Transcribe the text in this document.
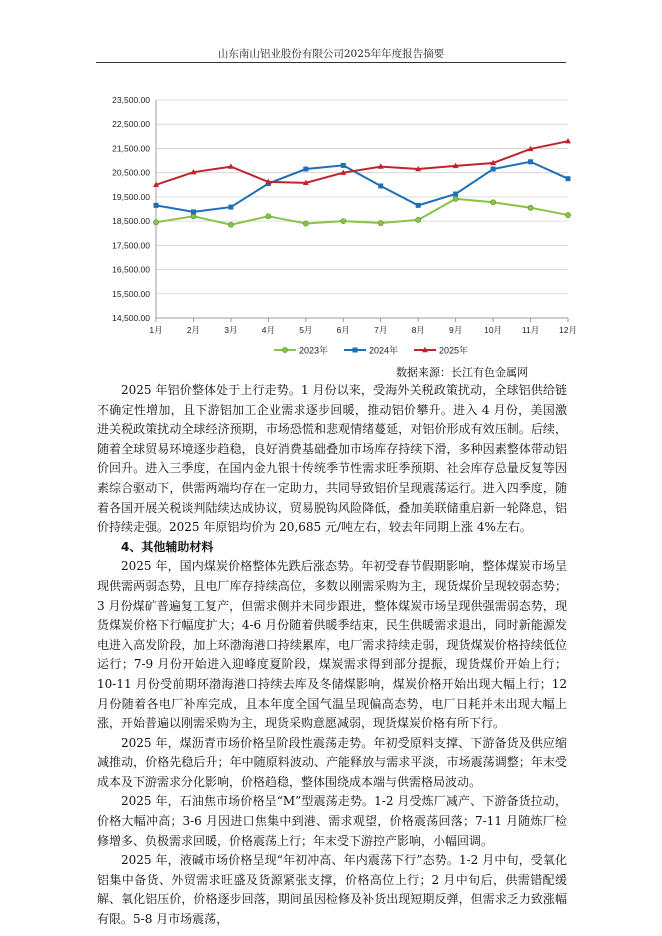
山东南山铝业股份有限公司2025年年度报告摘要
14,500.00
15,500.00
16,500.00
17,500.00
18,500.00
19,500.00
20,500.00
21,500.00
22,500.00
23,500.00
1月	2月	3月	4月	5月	6月	7月	8月	9月	10月 11月 12月
2023年	2024年	2025年
数据来源：长江有色金属网

2025 年铝价整体处于上行走势。1 月份以来，受海外关税政策扰动，全球铝供给链不确定性增加，且下游铝加工企业需求逐步回暖，推动铝价攀升。进入 4 月份，美国激进关税政策扰动全球经济预期，市场恐慌和悲观情绪蔓延，对铝价形成有效压制。后续，随着全球贸易环境逐步趋稳，良好消费基础叠加市场库存持续下滑，多种因素整体带动铝价回升。进入三季度，在国内金九银十传统季节性需求旺季预期、社会库存总量反复等因素综合驱动下，供需两端均存在一定助力，共同导致铝价呈现震荡运行。进入四季度，随着各国开展关税谈判陆续达成协议，贸易脱钩风险降低，叠加美联储重启新一轮降息，铝价持续走强。2025 年原铝均价为 20,685 元/吨左右，较去年同期上涨 4%左右。

4、其他辅助材料

2025 年，国内煤炭价格整体先跌后涨态势。年初受春节假期影响，整体煤炭市场呈现供需两弱态势，且电厂库存持续高位，多数以刚需采购为主，现货煤价呈现较弱态势；3 月份煤矿普遍复工复产，但需求侧并未同步跟进，整体煤炭市场呈现供强需弱态势，现货煤炭价格下行幅度扩大；4-6 月份随着供暖季结束，民生供暖需求退出，同时新能源发电进入高发阶段，加上环渤海港口持续累库，电厂需求持续走弱，现货煤炭价格持续低位运行；7-9 月份开始进入迎峰度夏阶段，煤炭需求得到部分提振，现货煤价开始上行；10-11 月份受前期环渤海港口持续去库及冬储煤影响，煤炭价格开始出现大幅上行；12 月份随着各电厂补库完成，且本年度全国气温呈现偏高态势，电厂日耗并未出现大幅上涨，开始普遍以刚需采购为主，现货采购意愿减弱，现货煤炭价格有所下行。

2025 年，煤沥青市场价格呈阶段性震荡走势。年初受原料支撑、下游备货及供应缩减推动，价格先稳后升；年中随原料波动、产能释放与需求平淡，市场震荡调整；年末受成本及下游需求分化影响，价格趋稳，整体围绕成本端与供需格局波动。

2025 年，石油焦市场价格呈“M”型震荡走势。1-2 月受炼厂减产、下游备货拉动，价格大幅冲高；3-6 月因进口焦集中到港、需求观望，价格震荡回落；7-11 月随炼厂检修增多、负极需求回暖，价格震荡上行；年末受下游控产影响，小幅回调。

2025 年，液碱市场价格呈现“年初冲高、年内震荡下行”态势。1-2 月中旬，受氧化铝集中备货、外贸需求旺盛及货源紧张支撑，价格高位上行；2 月中旬后，供需错配缓解、氧化铝压价，价格逐步回落，期间虽因检修及补货出现短期反弹，但需求乏力致涨幅有限。5-8 月市场震荡，
